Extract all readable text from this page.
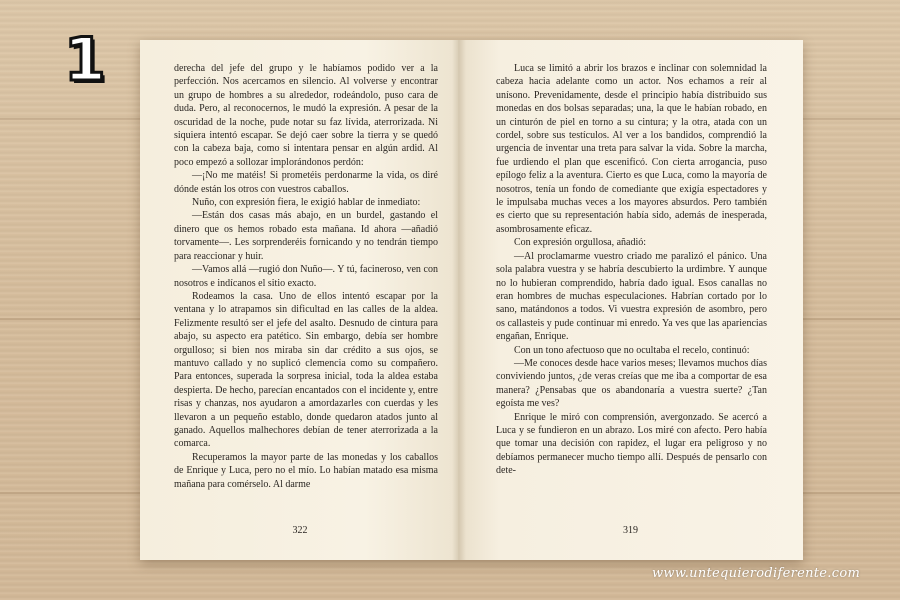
1	derecha del jefe del grupo y le habíamos podido ver a la perfección. Nos acercamos en silencio. Al volverse y encontrar un grupo de hombres a su alrededor, rodeándolo, puso cara de duda. Pero, al reconocernos, le mudó la expresión. A pesar de la oscuridad de la noche, pude notar su faz lívida, aterrorizada. Ni siquiera intentó escapar. Se dejó caer sobre la tierra y se quedó con la cabeza baja, como si intentara pensar en algún ardid. Al poco empezó a sollozar implorándonos perdón:

—¡No me matéis! Si prometéis perdonarme la vida, os diré dónde están los otros con vuestros caballos.

Nuño, con expresión fiera, le exigió hablar de inmediato:

—Están dos casas más abajo, en un burdel, gastando el dinero que os hemos robado esta mañana. Id ahora —añadió torvamente—. Les sorprenderéis fornicando y no tendrán tiempo para reaccionar y huir.

—Vamos allá —rugió don Nuño—. Y tú, facineroso, ven con nosotros e indícanos el sitio exacto.

Rodeamos la casa. Uno de ellos intentó escapar por la ventana y lo atrapamos sin dificultad en las calles de la aldea. Felizmente resultó ser el jefe del asalto. Desnudo de cintura para abajo, su aspecto era patético. Sin embargo, debía ser hombre orgulloso; si bien nos miraba sin dar crédito a sus ojos, se mantuvo callado y no suplicó clemencia como su compañero. Para entonces, superada la sorpresa inicial, toda la aldea estaba despierta. De hecho, parecían encantados con el incidente y, entre risas y chanzas, nos ayudaron a amordazarles con cuerdas y les llevaron a un pequeño establo, donde quedaron atados junto al ganado. Aquellos malhechores debían de tener aterrorizada a la comarca.

Recuperamos la mayor parte de las monedas y los caballos de Enrique y Luca, pero no el mío. Lo habían matado esa misma mañana para comérselo. Al darme

322

Luca se limitó a abrir los brazos e inclinar con solemnidad la cabeza hacia adelante como un actor. Nos echamos a reír al unísono. Prevenidamente, desde el principio había distribuido sus monedas en dos bolsas separadas; una, la que le habían robado, en un cinturón de piel en torno a su cintura; y la otra, atada con un cordel, sobre sus testículos. Al ver a los bandidos, comprendió la urgencia de inventar una treta para salvar la vida. Sobre la marcha, fue urdiendo el plan que escenificó. Con cierta arrogancia, puso epílogo feliz a la aventura. Cierto es que Luca, como la mayoría de nosotros, tenía un fondo de comediante que exigía espectadores y le impulsaba muchas veces a los mayores absurdos. Pero también es cierto que su representación había sido, además de inesperada, asombrosamente eficaz.

Con expresión orgullosa, añadió:

—Al proclamarme vuestro criado me paralizó el pánico. Una sola palabra vuestra y se habría descubierto la urdimbre. Y aunque no lo hubieran comprendido, habría dado igual. Esos canallas no eran hombres de muchas especulaciones. Habrían cortado por lo sano, matándonos a todos. Vi vuestra expresión de asombro, pero os callasteis y pude continuar mi enredo. Ya ves que las apariencias engañan, Enrique.

Con un tono afectuoso que no ocultaba el recelo, continuó:

—Me conoces desde hace varios meses; llevamos muchos días conviviendo juntos, ¿de veras creías que me iba a comportar de esa manera? ¿Pensabas que os abandonaría a vuestra suerte? ¿Tan egoísta me ves?

Enrique le miró con comprensión, avergonzado. Se acercó a Luca y se fundieron en un abrazo. Los miré con afecto. Pero había que tomar una decisión con rapidez, el lugar era peligroso y no debíamos permanecer mucho tiempo allí. Después de pensarlo con dete-

319
www.untequierodiferente.com
